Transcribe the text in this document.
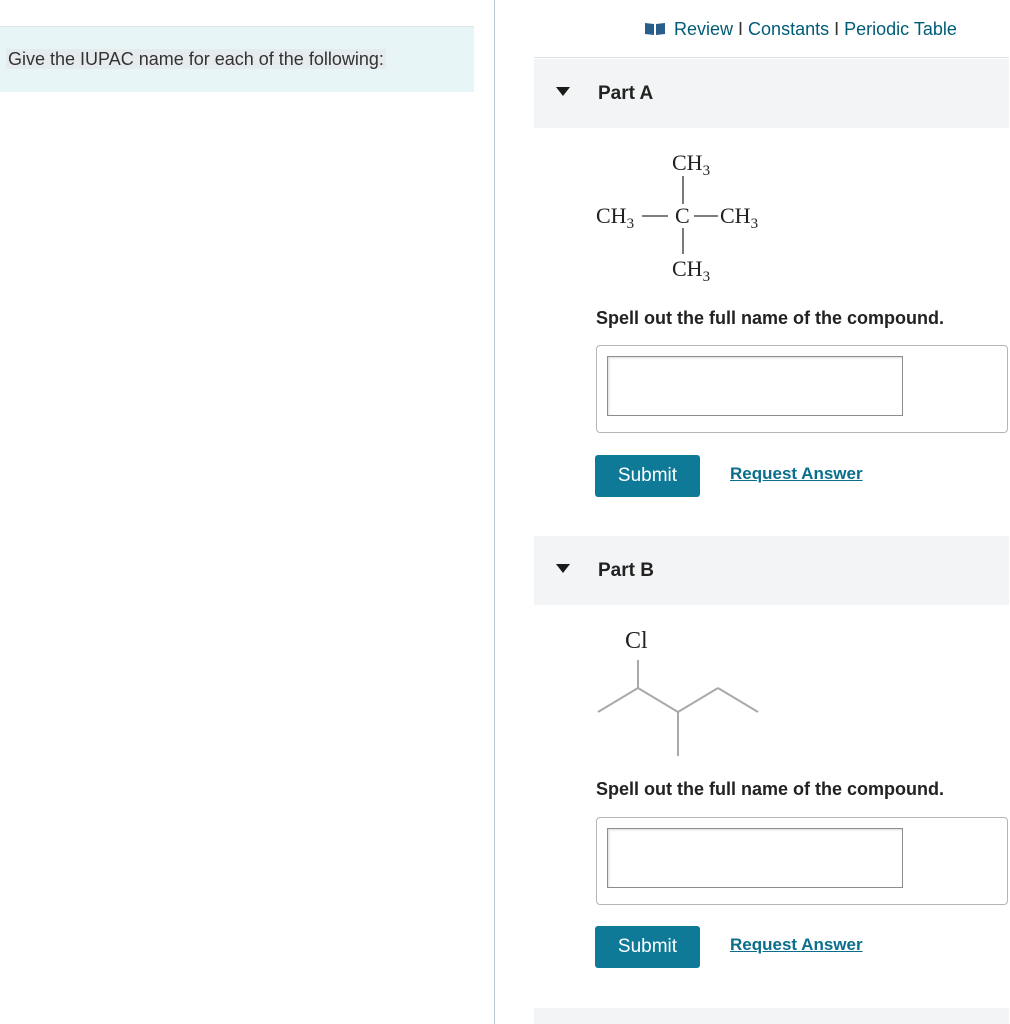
Give the IUPAC name for each of the following:
Review I Constants I Periodic Table
Part A
$CH_3$
$CH_3$ C $CH_3$
$CH_3$
Spell out the full name of the compound.
Submit	Request Answer
Part B
Cl
Spell out the full name of the compound.
Submit	Request Answer
